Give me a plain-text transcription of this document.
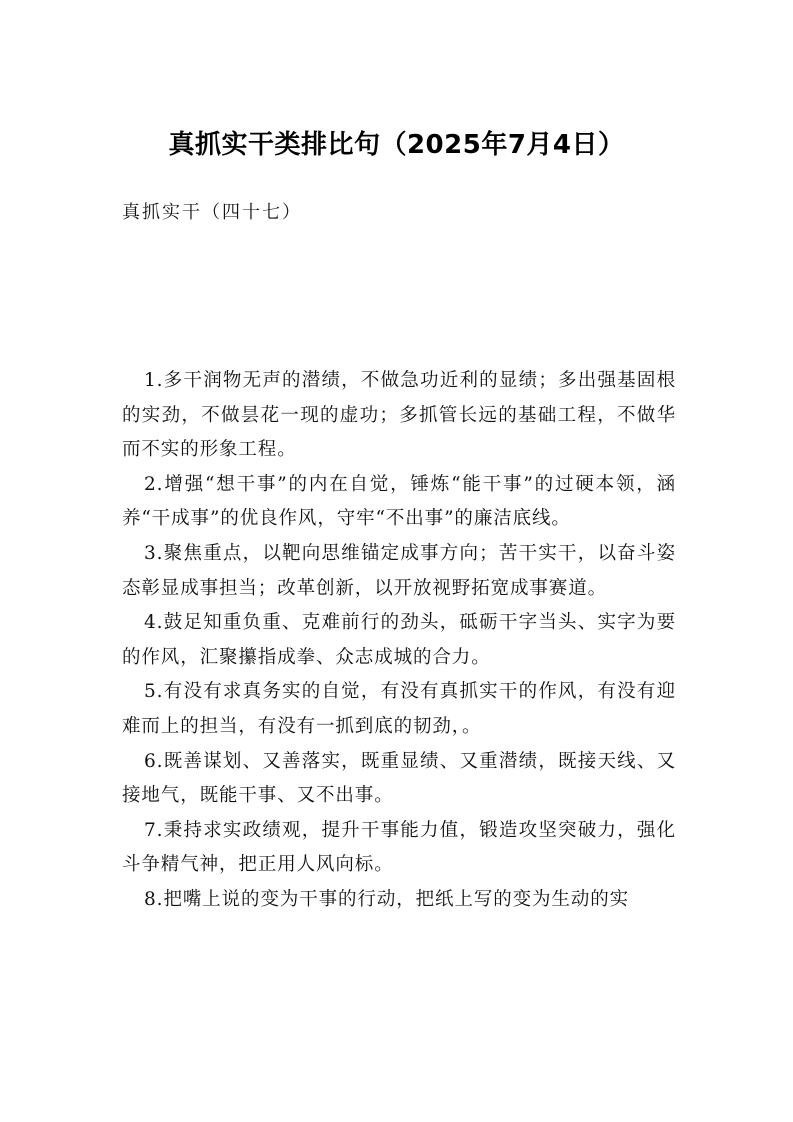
真抓实干类排比句（2025年7月4日）
真抓实干（四十七）

1.多干润物无声的潜绩，不做急功近利的显绩；多出强基固根的实劲，不做昙花一现的虚功；多抓管长远的基础工程，不做华而不实的形象工程。

2.增强“想干事”的内在自觉，锤炼“能干事”的过硬本领，涵养“干成事”的优良作风，守牢“不出事”的廉洁底线。

3.聚焦重点，以靶向思维锚定成事方向；苦干实干，以奋斗姿态彰显成事担当；改革创新，以开放视野拓宽成事赛道。

4.鼓足知重负重、克难前行的劲头，砥砺干字当头、实字为要的作风，汇聚攥指成拳、众志成城的合力。

5.有没有求真务实的自觉，有没有真抓实干的作风，有没有迎难而上的担当，有没有一抓到底的韧劲，。

6.既善谋划、又善落实，既重显绩、又重潜绩，既接天线、又接地气，既能干事、又不出事。

7.秉持求实政绩观，提升干事能力值，锻造攻坚突破力，强化斗争精气神，把正用人风向标。

8.把嘴上说的变为干事的行动，把纸上写的变为生动的实
